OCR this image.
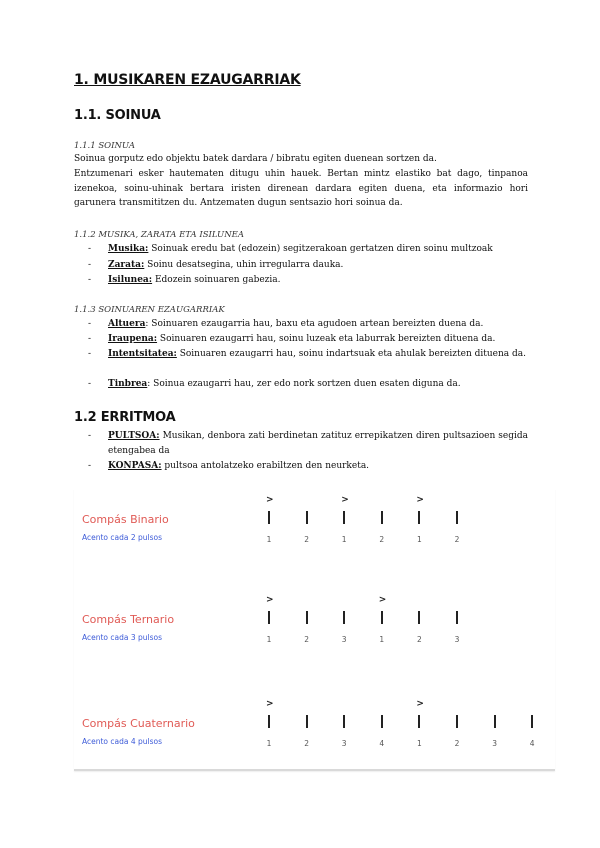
1. MUSIKAREN EZAUGARRIAK
1.1. SOINUA
1.1.1 SOINUA
Soinua gorputz edo objektu batek dardara / bibratu egiten duenean sortzen da.
Entzumenari esker hautematen ditugu uhin hauek. Bertan mintz elastiko bat dago, tinpanoa izenekoa, soinu-uhinak bertara iristen direnean dardara egiten duena, eta informazio hori garunera transmititzen du. Antzematen dugun sentsazio hori soinua da.
1.1.2 MUSIKA, ZARATA ETA ISILUNEA
- Musika: Soinuak eredu bat (edozein) segitzerakoan gertatzen diren soinu multzoak
- Zarata: Soinu desatsegina, uhin irregularra dauka.
- Isilunea: Edozein soinuaren gabezia.
1.1.3 SOINUAREN EZAUGARRIAK
- Altuera: Soinuaren ezaugarria hau, baxu eta agudoen artean bereizten duena da.
- Iraupena: Soinuaren ezaugarri hau, soinu luzeak eta laburrak bereizten dituena da.
- Intentsitatea: Soinuaren ezaugarri hau, soinu indartsuak eta ahulak bereizten dituena da.
- Tinbrea: Soinua ezaugarri hau, zer edo nork sortzen duen esaten diguna da.
1.2 ERRITMOA
- PULTSOA: Musikan, denbora zati berdinetan zatituz errepikatzen diren pultsazioen segida etengabea da
- KONPASA: pultsoa antolatzeko erabiltzen den neurketa.
Compás Binario
Acento cada 2 pulsos
>
1	2
>
1	2
>
1	2
Compás Ternario
Acento cada 3 pulsos
>
1	2	3
>
1	2	3
Compás Cuaternario
Acento cada 4 pulsos
>
1	2	3	4
>
1	2	3	4
